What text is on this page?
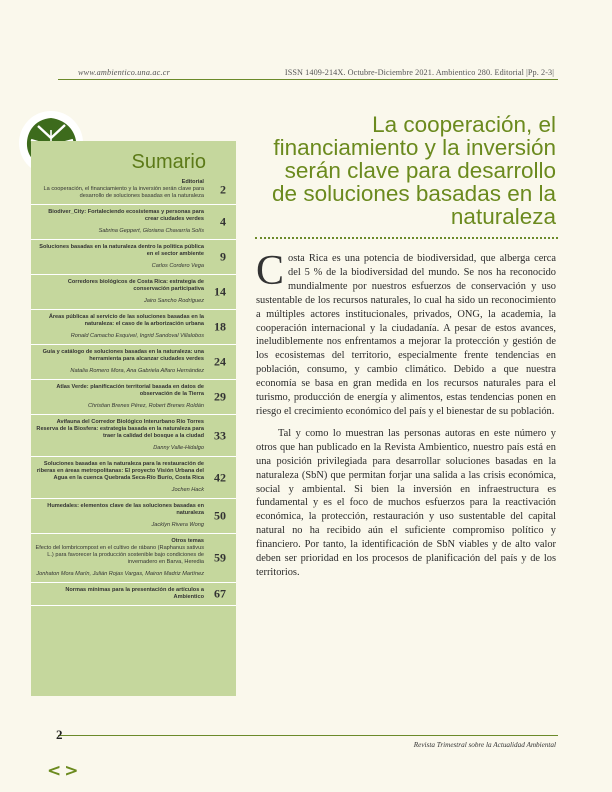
www.ambientico.una.ac.cr	ISSN 1409-214X. Octubre-Diciembre 2021. Ambientico 280. Editorial |Pp. 2-3|
La cooperación, el financiamiento y la inversión serán clave para desarrollo de soluciones basadas en la naturaleza
Sumario
Editorial
La cooperación, el financiamiento y la inversión serán clave para desarrollo de soluciones basadas en la naturaleza 2
Biodiver_City: Fortaleciendo ecosistemas y personas para crear ciudades verdes
Sabrina Geppert, Gloriana Chavarría Solís
4
Soluciones basadas en la naturaleza dentro la política pública en el sector ambiente
Carlos Cordero Vega
9
Corredores biológicos de Costa Rica: estrategia de conservación participativa
Jairo Sancho Rodríguez
14
Áreas públicas al servicio de las soluciones basadas en la naturaleza: el caso de la arborización urbana
Ronald Camacho Esquivel, Ingrid Sandoval Villalobos
18
Guía y catálogo de soluciones basadas en la naturaleza: una herramienta para alcanzar ciudades verdes
Natalia Romero Mora, Ana Gabriela Alfaro Hernández
24
Atlas Verde: planificación territorial basada en datos de observación de la Tierra
Christian Brenes Pérez, Robert Brenes Roldán
29
Avifauna del Corredor Biológico Interurbano Río Torres Reserva de la Biosfera: estrategia basada en la naturaleza para traer la calidad del bosque a la ciudad
Danny Valle-Hidalgo
33
Soluciones basadas en la naturaleza para la restauración de riberas en áreas metropolitanas: El proyecto Visión Urbana del Agua en la cuenca Quebrada Seca-Río Burío, Costa Rica
Jochen Hack
42
Humedales: elementos clave de las soluciones basadas en naturaleza
Jacklyn Rivera Wong
50
Otros temas
Efecto del lombricompost en el cultivo de rábano (Raphanus sativus L.) para favorecer la producción sostenible bajo condiciones de invernadero en Barva, Heredia
Jonhaton Mora Marín, Julián Rojas Vargas, Mairon Madriz Martínez
59
Normas mínimas para la presentación de artículos a Ambientico 67

Costa Rica es una potencia de biodiversidad, que alberga cerca del 5 % de la biodiversidad del mundo. Se nos ha reconocido mundialmente por nuestros esfuerzos de conservación y uso sustentable de los recursos naturales, lo cual ha sido un reconocimiento a múltiples actores institucionales, privados, ONG, la academia, la cooperación internacional y la ciudadanía. A pesar de estos avances, ineludiblemente nos enfrentamos a mejorar la protección y gestión de los ecosistemas del territorio, especialmente frente tendencias en población, consumo, y cambio climático. Debido a que nuestra economía se basa en gran medida en los recursos naturales para el turismo, producción de energía y alimentos, estas tendencias ponen en riesgo el crecimiento económico del país y el bienestar de su población.

Tal y como lo muestran las personas autoras en este número y otros que han publicado en la Revista Ambientico, nuestro país está en una posición privilegiada para desarrollar soluciones basadas en la naturaleza (SbN) que permitan forjar una salida a las crisis económica, social y ambiental. Si bien la inversión en infraestructura es fundamental y es el foco de muchos esfuerzos para la reactivación económica, la protección, restauración y uso sustentable del capital natural no ha recibido aún el suficiente compromiso político y financiero. Por tanto, la identificación de SbN viables y de alto valor deben ser prioridad en los procesos de planificación del país y de los territorios.

2
Revista Trimestral sobre la Actualidad Ambiental
<>
